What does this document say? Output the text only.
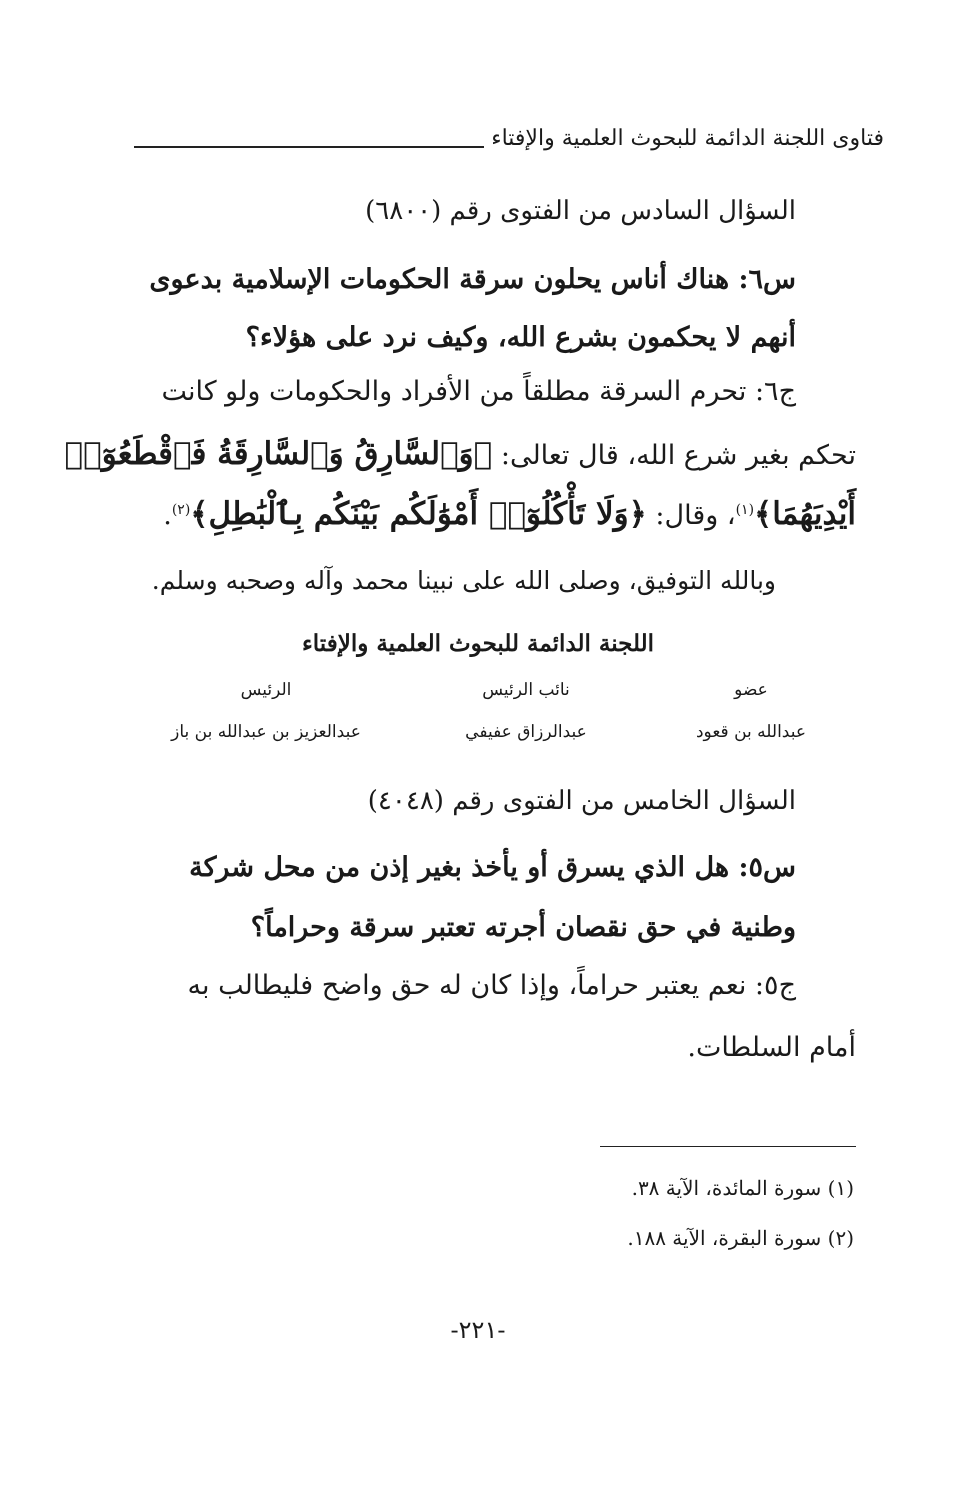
فتاوى اللجنة الدائمة للبحوث العلمية والإفتاء
السؤال السادس من الفتوى رقم (٦٨٠٠)
س٦: هناك أناس يحلون سرقة الحكومات الإسلامية بدعوى
أنهم لا يحكمون بشرع الله، وكيف نرد على هؤلاء؟
ج٦: تحرم السرقة مطلقاً من الأفراد والحكومات ولو كانت
تحكم بغير شرع الله، قال تعالى: ﴿وَٱلسَّارِقُ وَٱلسَّارِقَةُ فَٱقْطَعُوٓا۟
أَيْدِيَهُمَا﴾$^{(١)}$، وقال: ﴿وَلَا تَأْكُلُوٓا۟ أَمْوَٰلَكُم بَيْنَكُم بِٱلْبَٰطِلِ﴾$^{(٢)}$.
وبالله التوفيق، وصلى الله على نبينا محمد وآله وصحبه وسلم.
اللجنة الدائمة للبحوث العلمية والإفتاء
عضو
عبدالله بن قعود
نائب الرئيس
عبدالرزاق عفيفي
الرئيس
عبدالعزيز بن عبدالله بن باز
السؤال الخامس من الفتوى رقم (٤٠٤٨)
س٥: هل الذي يسرق أو يأخذ بغير إذن من محل شركة
وطنية في حق نقصان أجرته تعتبر سرقة وحراماً؟
ج٥: نعم يعتبر حراماً، وإذا كان له حق واضح فليطالب به
أمام السلطات.
(١) سورة المائدة، الآية ٣٨.
(٢) سورة البقرة، الآية ١٨٨.
-٢٢١-
